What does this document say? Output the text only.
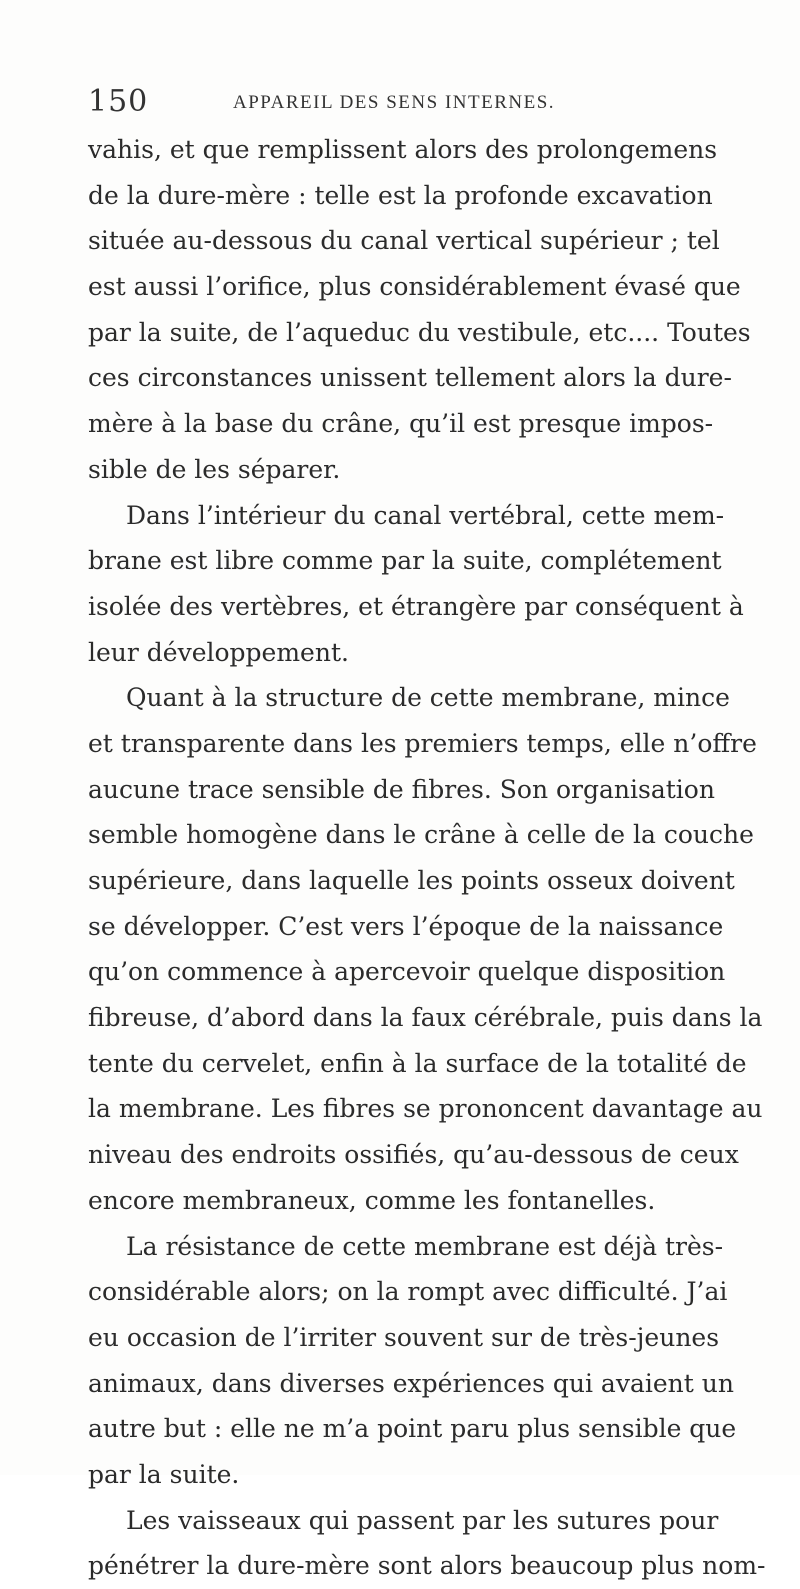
150	APPAREIL DES SENS INTERNES.
vahis, et que remplissent alors des prolongemens
de la dure-mère : telle est la profonde excavation
située au-dessous du canal vertical supérieur ; tel
est aussi l’orifice, plus considérablement évasé que
par la suite, de l’aqueduc du vestibule, etc.... Toutes
ces circonstances unissent tellement alors la dure-
mère à la base du crâne, qu’il est presque impos-
sible de les séparer.
Dans l’intérieur du canal vertébral, cette mem-
brane est libre comme par la suite, complétement
isolée des vertèbres, et étrangère par conséquent à
leur développement.
Quant à la structure de cette membrane, mince
et transparente dans les premiers temps, elle n’offre
aucune trace sensible de fibres. Son organisation
semble homogène dans le crâne à celle de la couche
supérieure, dans laquelle les points osseux doivent
se développer. C’est vers l’époque de la naissance
qu’on commence à apercevoir quelque disposition
fibreuse, d’abord dans la faux cérébrale, puis dans la
tente du cervelet, enfin à la surface de la totalité de
la membrane. Les fibres se prononcent davantage au
niveau des endroits ossifiés, qu’au-dessous de ceux
encore membraneux, comme les fontanelles.
La résistance de cette membrane est déjà très-
considérable alors; on la rompt avec difficulté. J’ai
eu occasion de l’irriter souvent sur de très-jeunes
animaux, dans diverses expériences qui avaient un
autre but : elle ne m’a point paru plus sensible que
par la suite.
Les vaisseaux qui passent par les sutures pour
pénétrer la dure-mère sont alors beaucoup plus nom-
